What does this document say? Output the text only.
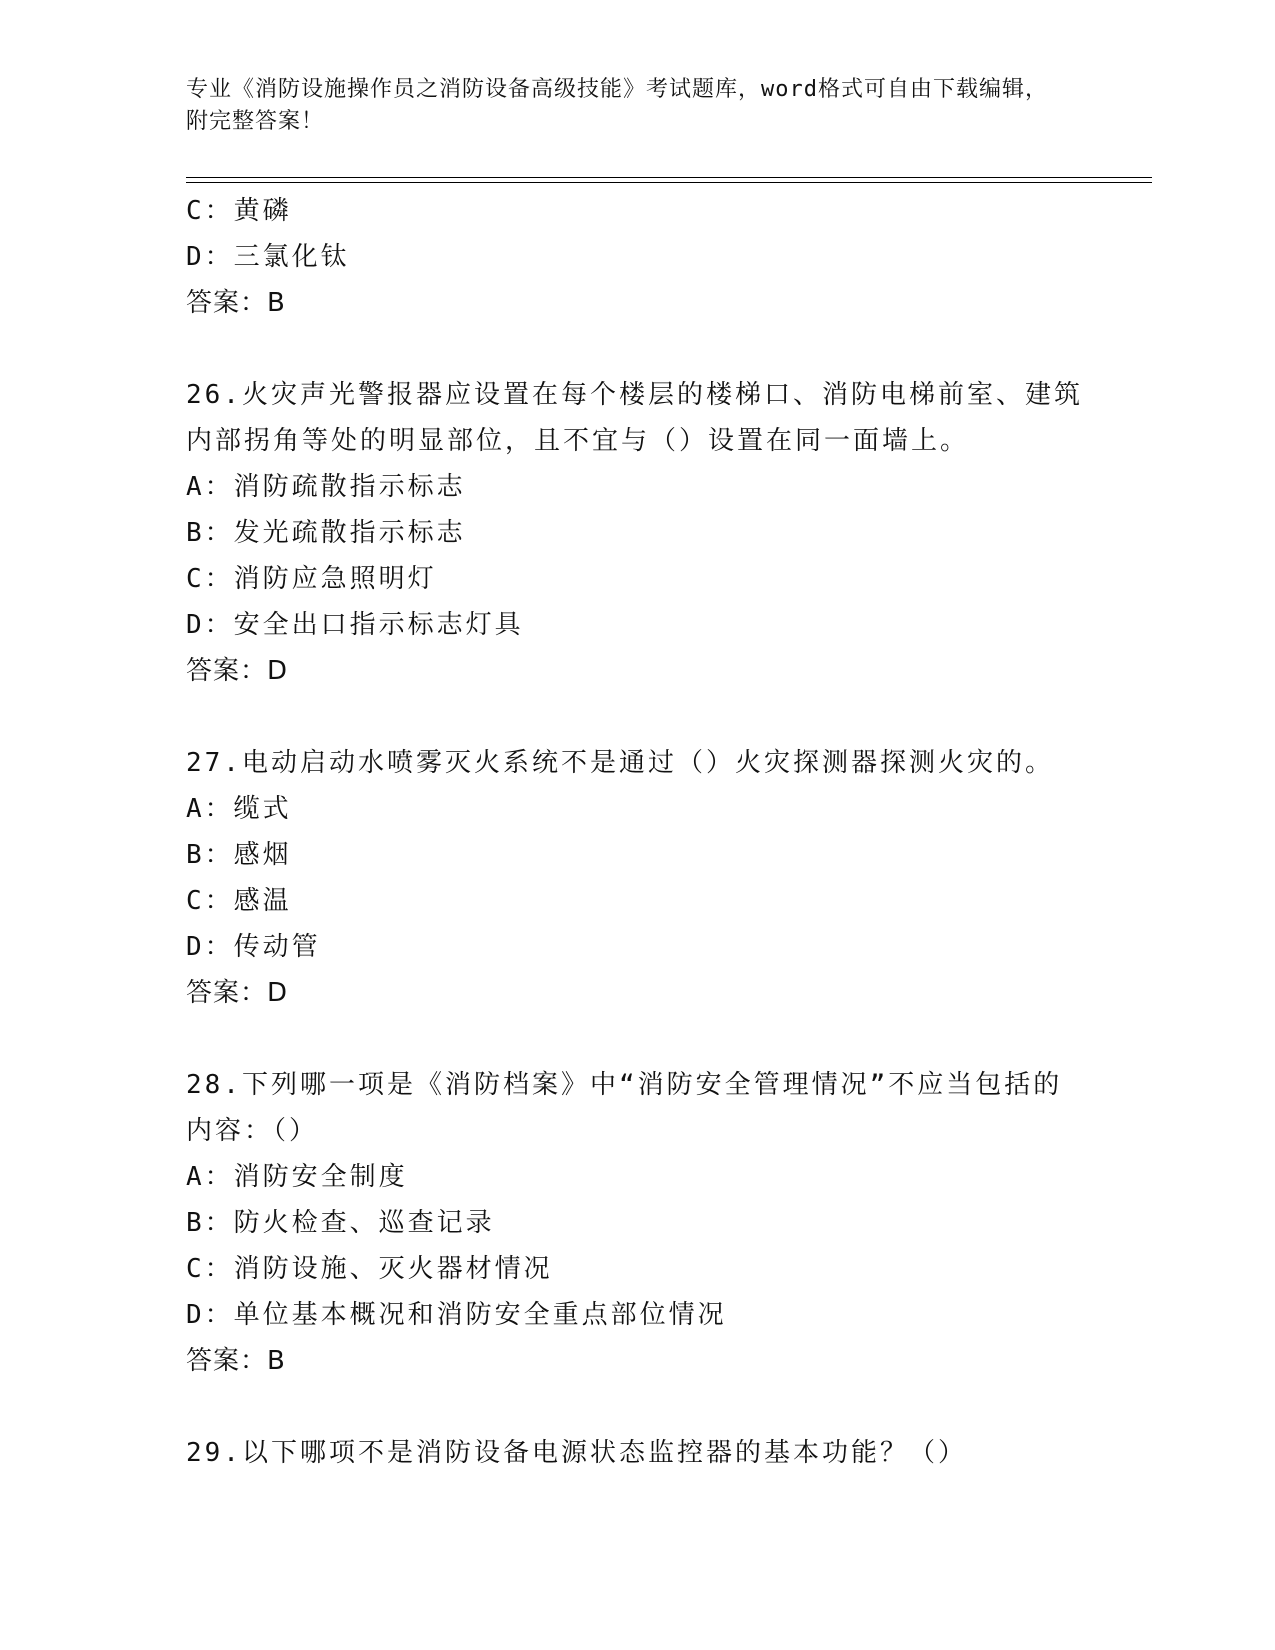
专业《消防设施操作员之消防设备高级技能》考试题库，word格式可自由下载编辑，附完整答案！
C：黄磷
D：三氯化钛
答案：B
26.火灾声光警报器应设置在每个楼层的楼梯口、消防电梯前室、建筑
内部拐角等处的明显部位，且不宜与（）设置在同一面墙上。
A：消防疏散指示标志
B：发光疏散指示标志
C：消防应急照明灯
D：安全出口指示标志灯具
答案：D
27.电动启动水喷雾灭火系统不是通过（）火灾探测器探测火灾的。
A：缆式
B：感烟
C：感温
D：传动管
答案：D
28.下列哪一项是《消防档案》中“消防安全管理情况”不应当包括的
内容：（）
A：消防安全制度
B：防火检查、巡查记录
C：消防设施、灭火器材情况
D：单位基本概况和消防安全重点部位情况
答案：B
29.以下哪项不是消防设备电源状态监控器的基本功能？（）
